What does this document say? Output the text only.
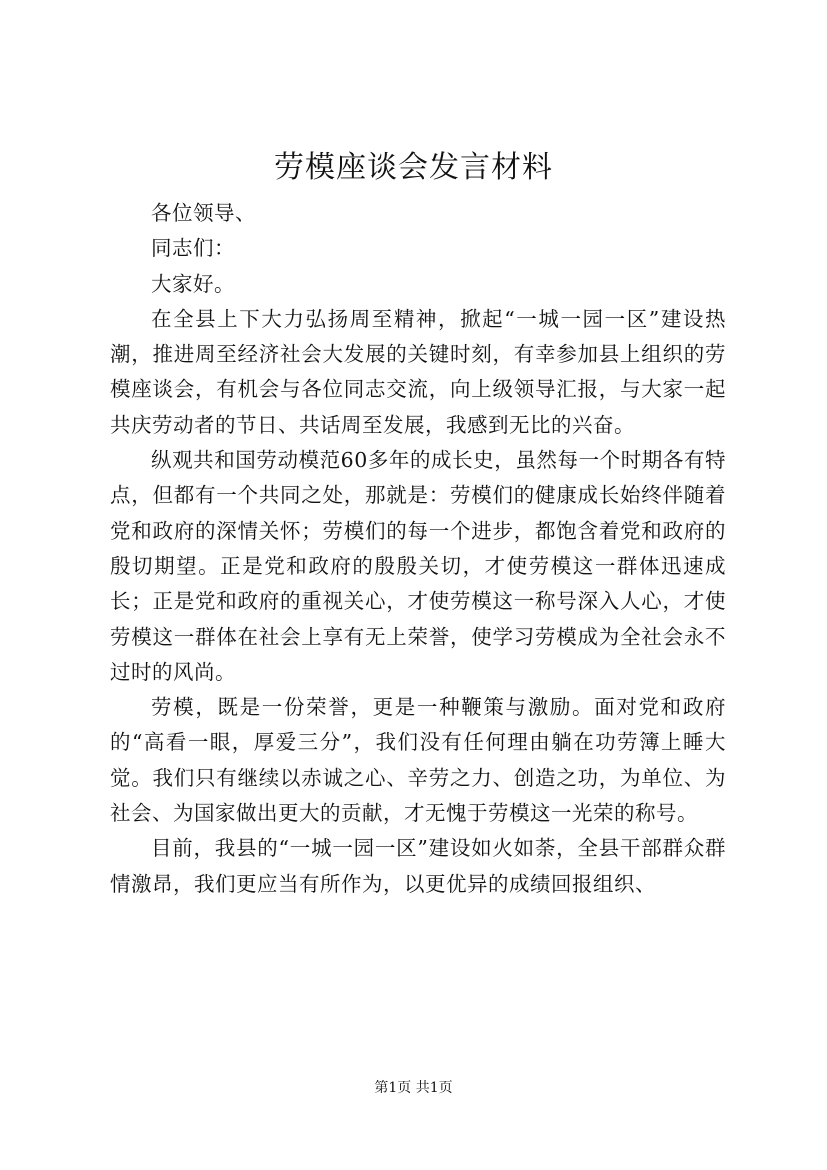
劳模座谈会发言材料

各位领导、

同志们：

大家好。

在全县上下大力弘扬周至精神，掀起“一城一园一区”建设热潮，推进周至经济社会大发展的关键时刻，有幸参加县上组织的劳模座谈会，有机会与各位同志交流，向上级领导汇报，与大家一起共庆劳动者的节日、共话周至发展，我感到无比的兴奋。

纵观共和国劳动模范60多年的成长史，虽然每一个时期各有特点，但都有一个共同之处，那就是：劳模们的健康成长始终伴随着党和政府的深情关怀；劳模们的每一个进步，都饱含着党和政府的殷切期望。正是党和政府的殷殷关切，才使劳模这一群体迅速成长；正是党和政府的重视关心，才使劳模这一称号深入人心，才使劳模这一群体在社会上享有无上荣誉，使学习劳模成为全社会永不过时的风尚。

劳模，既是一份荣誉，更是一种鞭策与激励。面对党和政府的“高看一眼，厚爱三分”，我们没有任何理由躺在功劳簿上睡大觉。我们只有继续以赤诚之心、辛劳之力、创造之功，为单位、为社会、为国家做出更大的贡献，才无愧于劳模这一光荣的称号。

目前，我县的“一城一园一区”建设如火如荼，全县干部群众群情激昂，我们更应当有所作为，以更优异的成绩回报组织、

第1页 共1页
